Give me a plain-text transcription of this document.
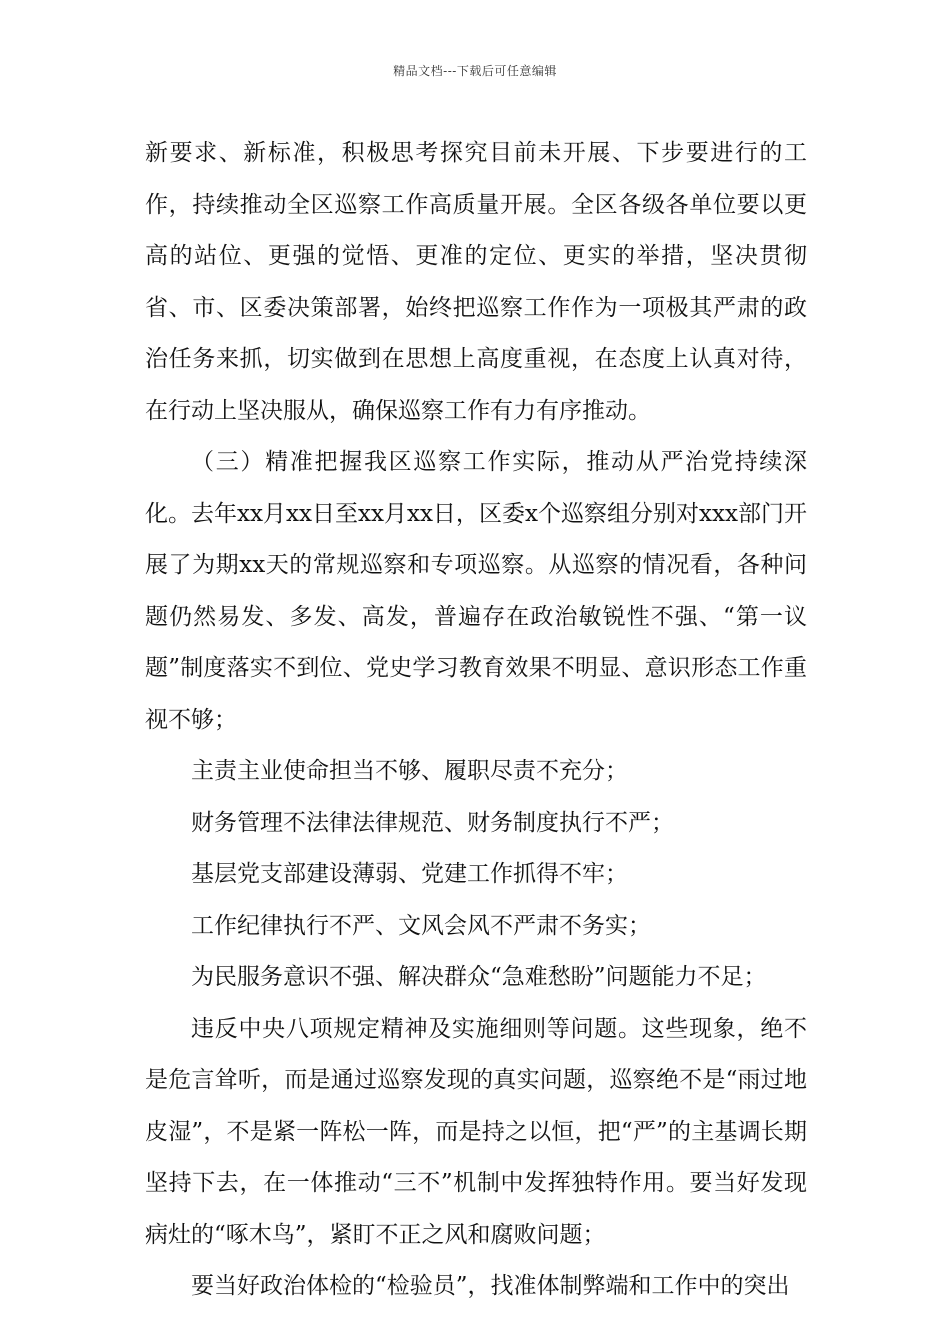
精品文档---下载后可任意编辑

新要求、新标准，积极思考探究目前未开展、下步要进行的工作，持续推动全区巡察工作高质量开展。全区各级各单位要以更高的站位、更强的觉悟、更准的定位、更实的举措，坚决贯彻省、市、区委决策部署，始终把巡察工作作为一项极其严肃的政治任务来抓，切实做到在思想上高度重视，在态度上认真对待，在行动上坚决服从，确保巡察工作有力有序推动。

（三）精准把握我区巡察工作实际，推动从严治党持续深化。去年xx月xx日至xx月xx日，区委x个巡察组分别对xxx部门开展了为期xx天的常规巡察和专项巡察。从巡察的情况看，各种问题仍然易发、多发、高发，普遍存在政治敏锐性不强、“第一议题”制度落实不到位、党史学习教育效果不明显、意识形态工作重视不够；

主责主业使命担当不够、履职尽责不充分；

财务管理不法律法律规范、财务制度执行不严；

基层党支部建设薄弱、党建工作抓得不牢；

工作纪律执行不严、文风会风不严肃不务实；

为民服务意识不强、解决群众“急难愁盼”问题能力不足；

违反中央八项规定精神及实施细则等问题。这些现象，绝不是危言耸听，而是通过巡察发现的真实问题，巡察绝不是“雨过地皮湿”，不是紧一阵松一阵，而是持之以恒，把“严”的主基调长期坚持下去，在一体推动“三不”机制中发挥独特作用。要当好发现病灶的“啄木鸟”，紧盯不正之风和腐败问题；

要当好政治体检的“检验员”，找准体制弊端和工作中的突出
